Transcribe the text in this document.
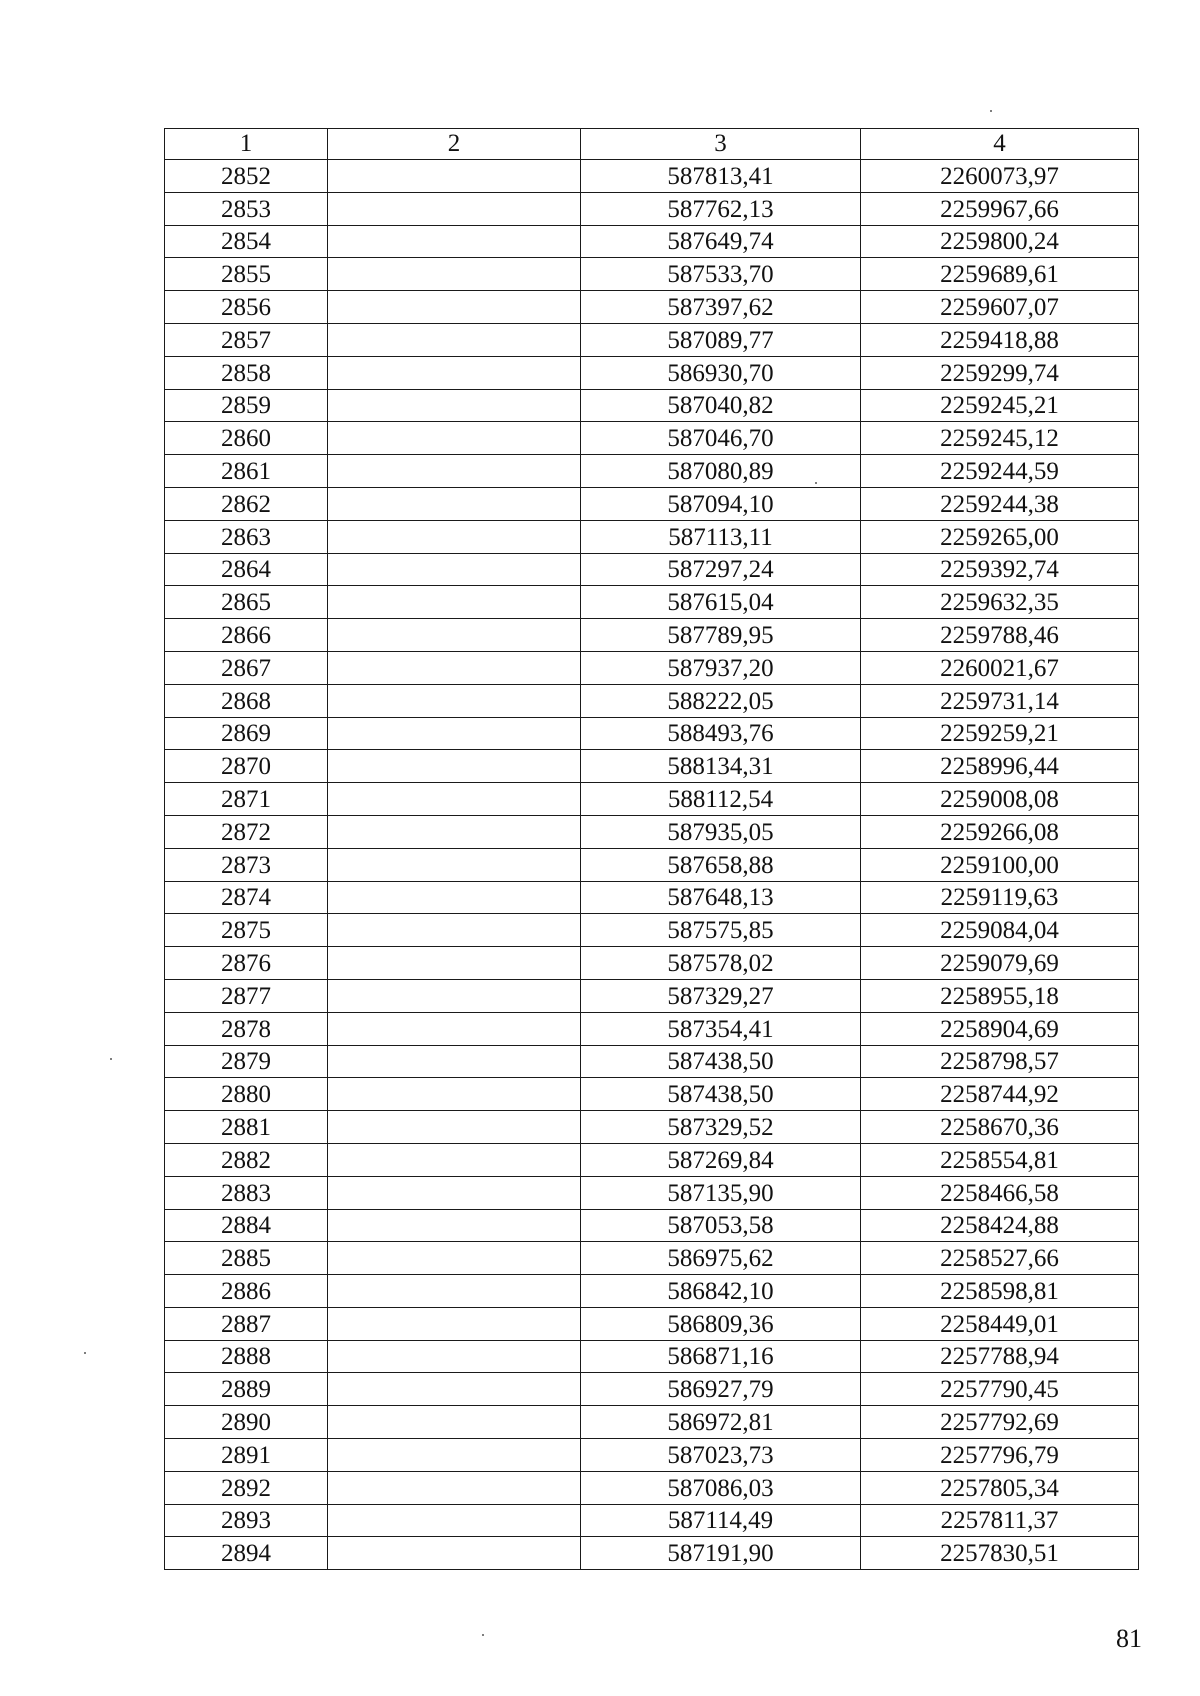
1	2	3	4
2852		587813,41	2260073,97
2853		587762,13	2259967,66
2854		587649,74	2259800,24
2855		587533,70	2259689,61
2856		587397,62	2259607,07
2857		587089,77	2259418,88
2858		586930,70	2259299,74
2859		587040,82	2259245,21
2860		587046,70	2259245,12
2861		587080,89	2259244,59
2862		587094,10	2259244,38
2863		587113,11	2259265,00
2864		587297,24	2259392,74
2865		587615,04	2259632,35
2866		587789,95	2259788,46
2867		587937,20	2260021,67
2868		588222,05	2259731,14
2869		588493,76	2259259,21
2870		588134,31	2258996,44
2871		588112,54	2259008,08
2872		587935,05	2259266,08
2873		587658,88	2259100,00
2874		587648,13	2259119,63
2875		587575,85	2259084,04
2876		587578,02	2259079,69
2877		587329,27	2258955,18
2878		587354,41	2258904,69
2879		587438,50	2258798,57
2880		587438,50	2258744,92
2881		587329,52	2258670,36
2882		587269,84	2258554,81
2883		587135,90	2258466,58
2884		587053,58	2258424,88
2885		586975,62	2258527,66
2886		586842,10	2258598,81
2887		586809,36	2258449,01
2888		586871,16	2257788,94
2889		586927,79	2257790,45
2890		586972,81	2257792,69
2891		587023,73	2257796,79
2892		587086,03	2257805,34
2893		587114,49	2257811,37
2894		587191,90	2257830,51
81
